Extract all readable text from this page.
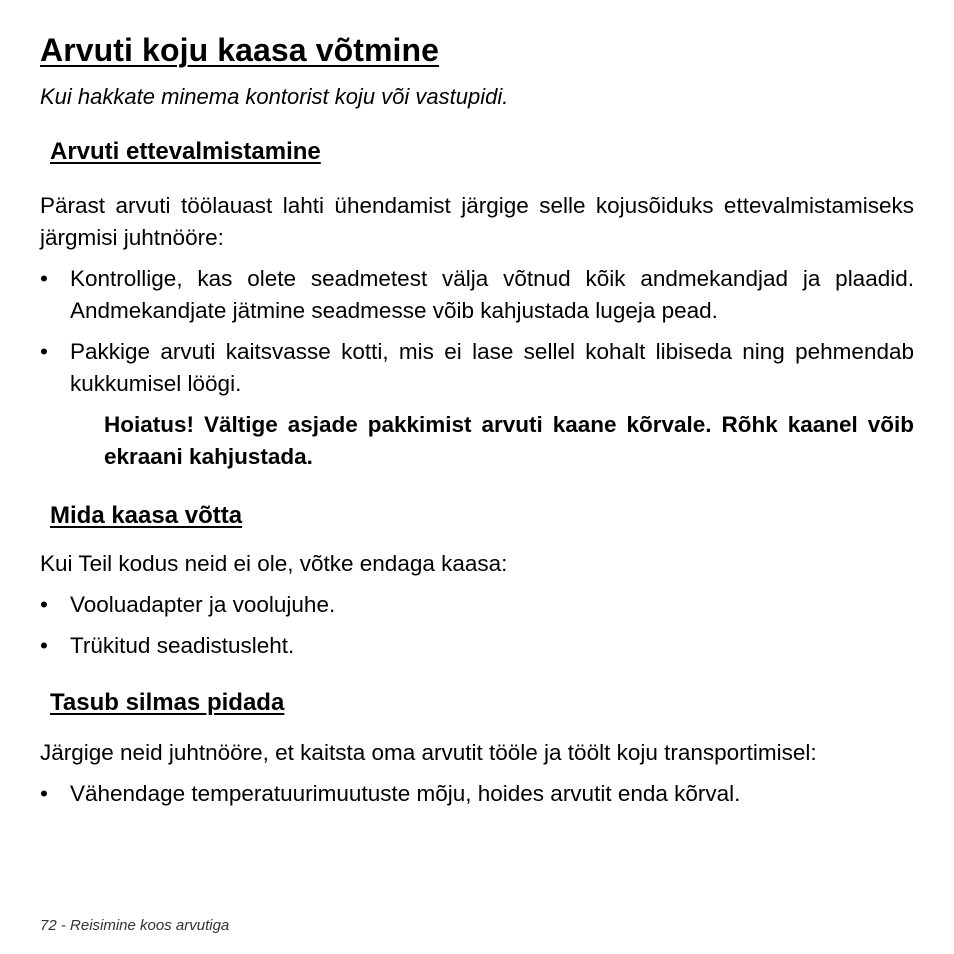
Arvuti koju kaasa võtmine

Kui hakkate minema kontorist koju või vastupidi.

Arvuti ettevalmistamine

Pärast arvuti töölauast lahti ühendamist järgige selle kojusõiduks ettevalmistamiseks järgmisi juhtnööre:

• Kontrollige, kas olete seadmetest välja võtnud kõik andmekandjad ja plaadid. Andmekandjate jätmine seadmesse võib kahjustada lugeja pead.
• Pakkige arvuti kaitsvasse kotti, mis ei lase sellel kohalt libiseda ning pehmendab kukkumisel löögi.

Hoiatus! Vältige asjade pakkimist arvuti kaane kõrvale. Rõhk kaanel võib ekraani kahjustada.

Mida kaasa võtta

Kui Teil kodus neid ei ole, võtke endaga kaasa:

• Vooluadapter ja voolujuhe.
• Trükitud seadistusleht.
Tasub silmas pidada

Järgige neid juhtnööre, et kaitsta oma arvutit tööle ja töölt koju transportimisel:

• Vähendage temperatuurimuutuste mõju, hoides arvutit enda kõrval.
72 - Reisimine koos arvutiga
